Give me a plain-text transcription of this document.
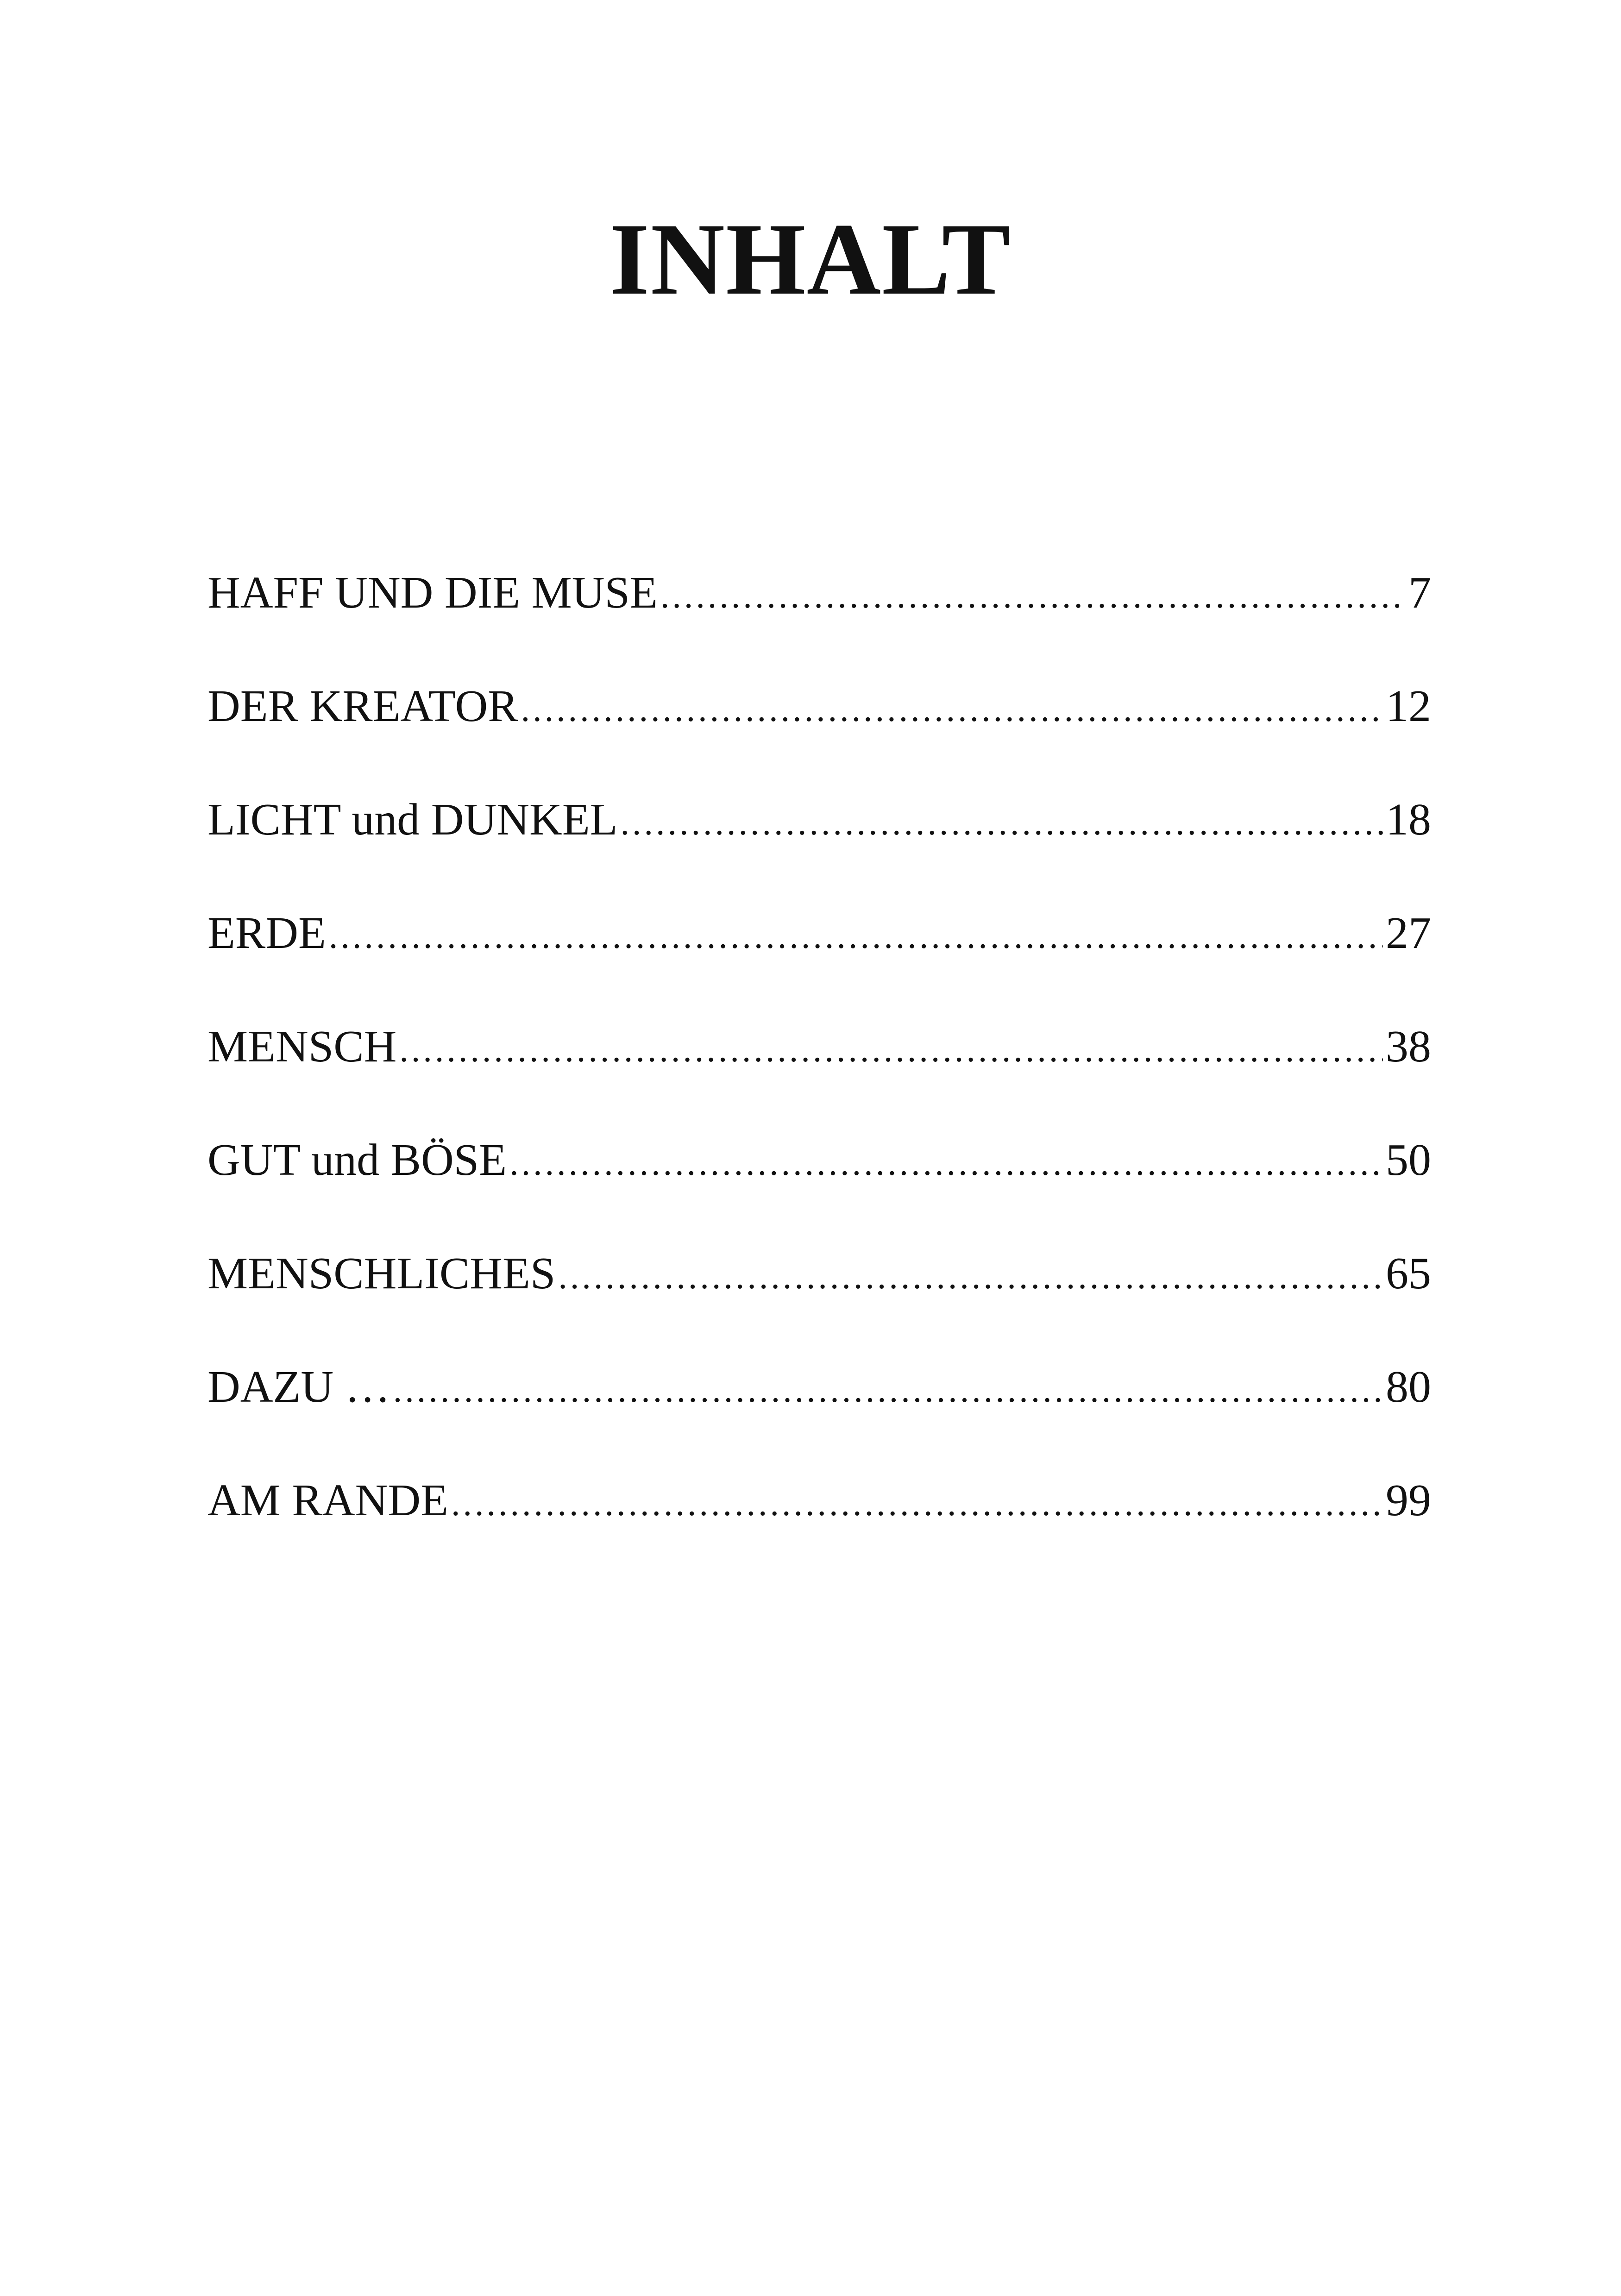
INHALT
HAFF UND DIE MUSE .....	7
DER KREATOR .....	12
LICHT und DUNKEL .....	18
ERDE .....	27
MENSCH .....	38
GUT und BÖSE .....	50
MENSCHLICHES .....	65
DAZU … .....	80
AM RANDE .....	99
